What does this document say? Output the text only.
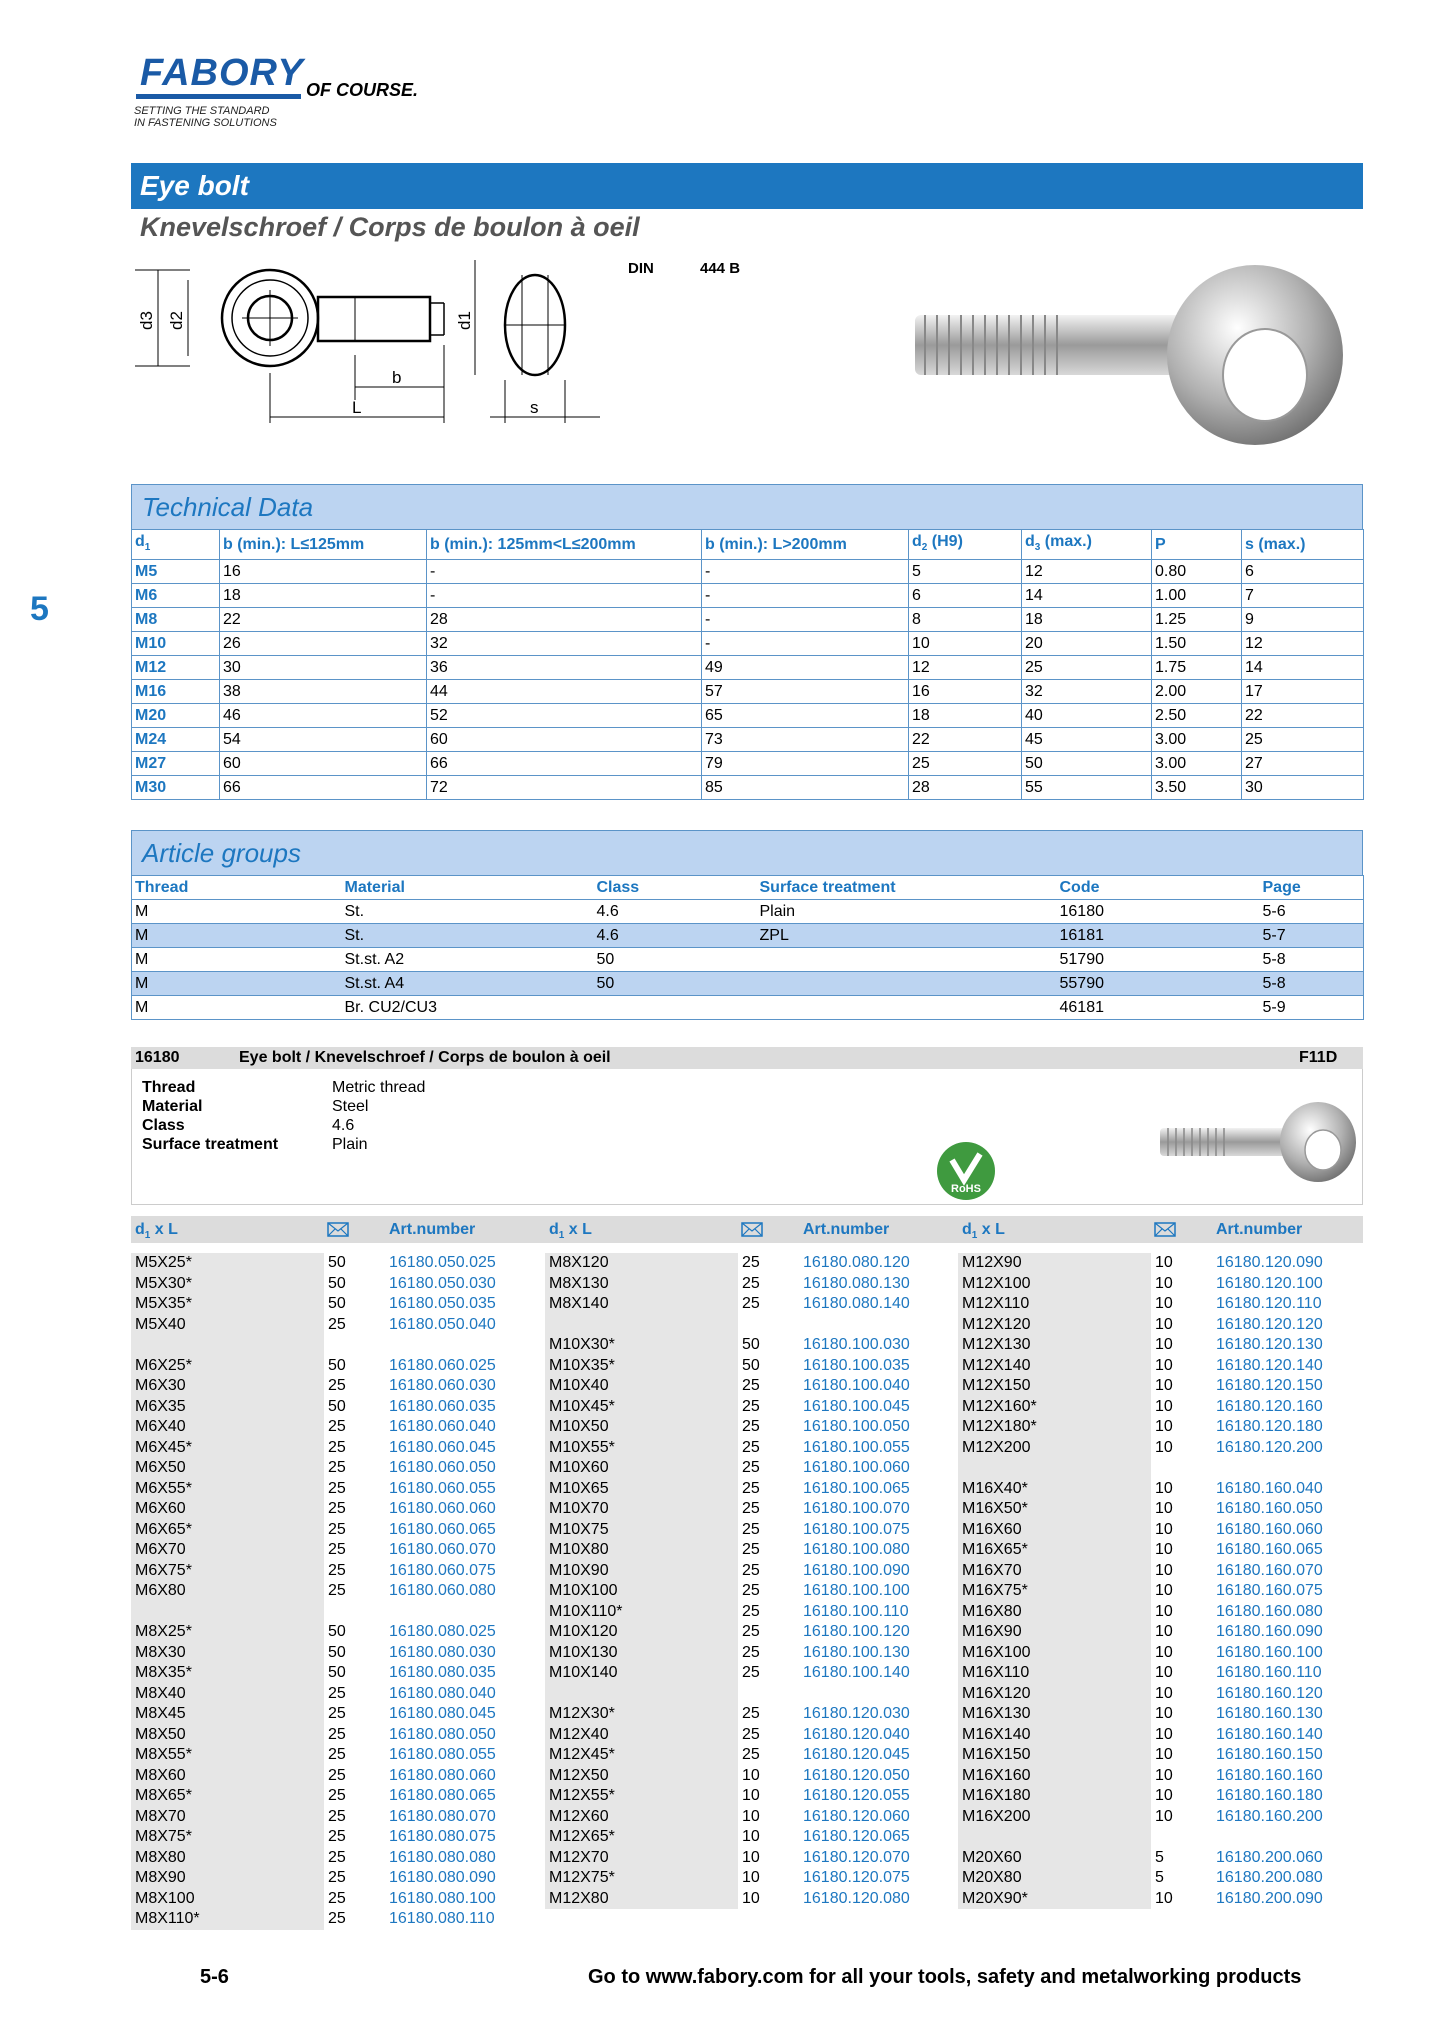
FABORY OF COURSE.
SETTING THE STANDARD
IN FASTENING SOLUTIONS
Eye bolt
Knevelschroef / Corps de boulon à oeil
d3 d2	d1
b
L	s
DIN	444 B
5
Technical Data
$d_1$	b (min.): L≤125mm	b (min.): 125mm<L≤200mm	b (min.): L>200mm	$d_2$ (H9)	$d_3$ (max.)	P	s (max.)
M5	16	-	-	5	12	0.80	6
M6	18	-	-	6	14	1.00	7
M8	22	28	-	8	18	1.25	9
M10	26	32	-	10	20	1.50	12
M12	30	36	49	12	25	1.75	14
M16	38	44	57	16	32	2.00	17
M20	46	52	65	18	40	2.50	22
M24	54	60	73	22	45	3.00	25
M27	60	66	79	25	50	3.00	27
M30	66	72	85	28	55	3.50	30
Article groups
Thread	Material	Class	Surface treatment	Code	Page
M	St.	4.6	Plain	16180	5-6
M	St.	4.6	ZPL	16181	5-7
M	St.st. A2	50		51790	5-8
M	St.st. A4	50		55790	5-8
M	Br. CU2/CU3			46181	5-9
16180	Eye bolt / Knevelschroef / Corps de boulon à oeil	F11D
Thread	Metric thread
Material	Steel
Class	4.6
Surface treatment	Plain
RoHS
$d_1$ x L	Art.number	$d_1$ x L	Art.number	$d_1$ x L	Art.number
M5X25*	50	16180.050.025
M5X30*	50	16180.050.030
M5X35*	50	16180.050.035
M5X40	25	16180.050.040
M6X25*	50	16180.060.025
M6X30	25	16180.060.030
M6X35	50	16180.060.035
M6X40	25	16180.060.040
M6X45*	25	16180.060.045
M6X50	25	16180.060.050
M6X55*	25	16180.060.055
M6X60	25	16180.060.060
M6X65*	25	16180.060.065
M6X70	25	16180.060.070
M6X75*	25	16180.060.075
M6X80	25	16180.060.080
M8X25*	50	16180.080.025
M8X30	50	16180.080.030
M8X35*	50	16180.080.035
M8X40	25	16180.080.040
M8X45	25	16180.080.045
M8X50	25	16180.080.050
M8X55*	25	16180.080.055
M8X60	25	16180.080.060
M8X65*	25	16180.080.065
M8X70	25	16180.080.070
M8X75*	25	16180.080.075
M8X80	25	16180.080.080
M8X90	25	16180.080.090
M8X100	25	16180.080.100
M8X110*	25	16180.080.110
M8X120	25	16180.080.120
M8X130	25	16180.080.130
M8X140	25	16180.080.140
M10X30*	50	16180.100.030
M10X35*	50	16180.100.035
M10X40	25	16180.100.040
M10X45*	25	16180.100.045
M10X50	25	16180.100.050
M10X55*	25	16180.100.055
M10X60	25	16180.100.060
M10X65	25	16180.100.065
M10X70	25	16180.100.070
M10X75	25	16180.100.075
M10X80	25	16180.100.080
M10X90	25	16180.100.090
M10X100	25	16180.100.100
M10X110*	25	16180.100.110
M10X120	25	16180.100.120
M10X130	25	16180.100.130
M10X140	25	16180.100.140
M12X30*	25	16180.120.030
M12X40	25	16180.120.040
M12X45*	25	16180.120.045
M12X50	10	16180.120.050
M12X55*	10	16180.120.055
M12X60	10	16180.120.060
M12X65*	10	16180.120.065
M12X70	10	16180.120.070
M12X75*	10	16180.120.075
M12X80	10	16180.120.080
M12X90	10	16180.120.090
M12X100	10	16180.120.100
M12X110	10	16180.120.110
M12X120	10	16180.120.120
M12X130	10	16180.120.130
M12X140	10	16180.120.140
M12X150	10	16180.120.150
M12X160*	10	16180.120.160
M12X180*	10	16180.120.180
M12X200	10	16180.120.200
M16X40*	10	16180.160.040
M16X50*	10	16180.160.050
M16X60	10	16180.160.060
M16X65*	10	16180.160.065
M16X70	10	16180.160.070
M16X75*	10	16180.160.075
M16X80	10	16180.160.080
M16X90	10	16180.160.090
M16X100	10	16180.160.100
M16X110	10	16180.160.110
M16X120	10	16180.160.120
M16X130	10	16180.160.130
M16X140	10	16180.160.140
M16X150	10	16180.160.150
M16X160	10	16180.160.160
M16X180	10	16180.160.180
M16X200	10	16180.160.200
M20X60	5	16180.200.060
M20X80	5	16180.200.080
M20X90*	10	16180.200.090
5-6	Go to www.fabory.com for all your tools, safety and metalworking products
